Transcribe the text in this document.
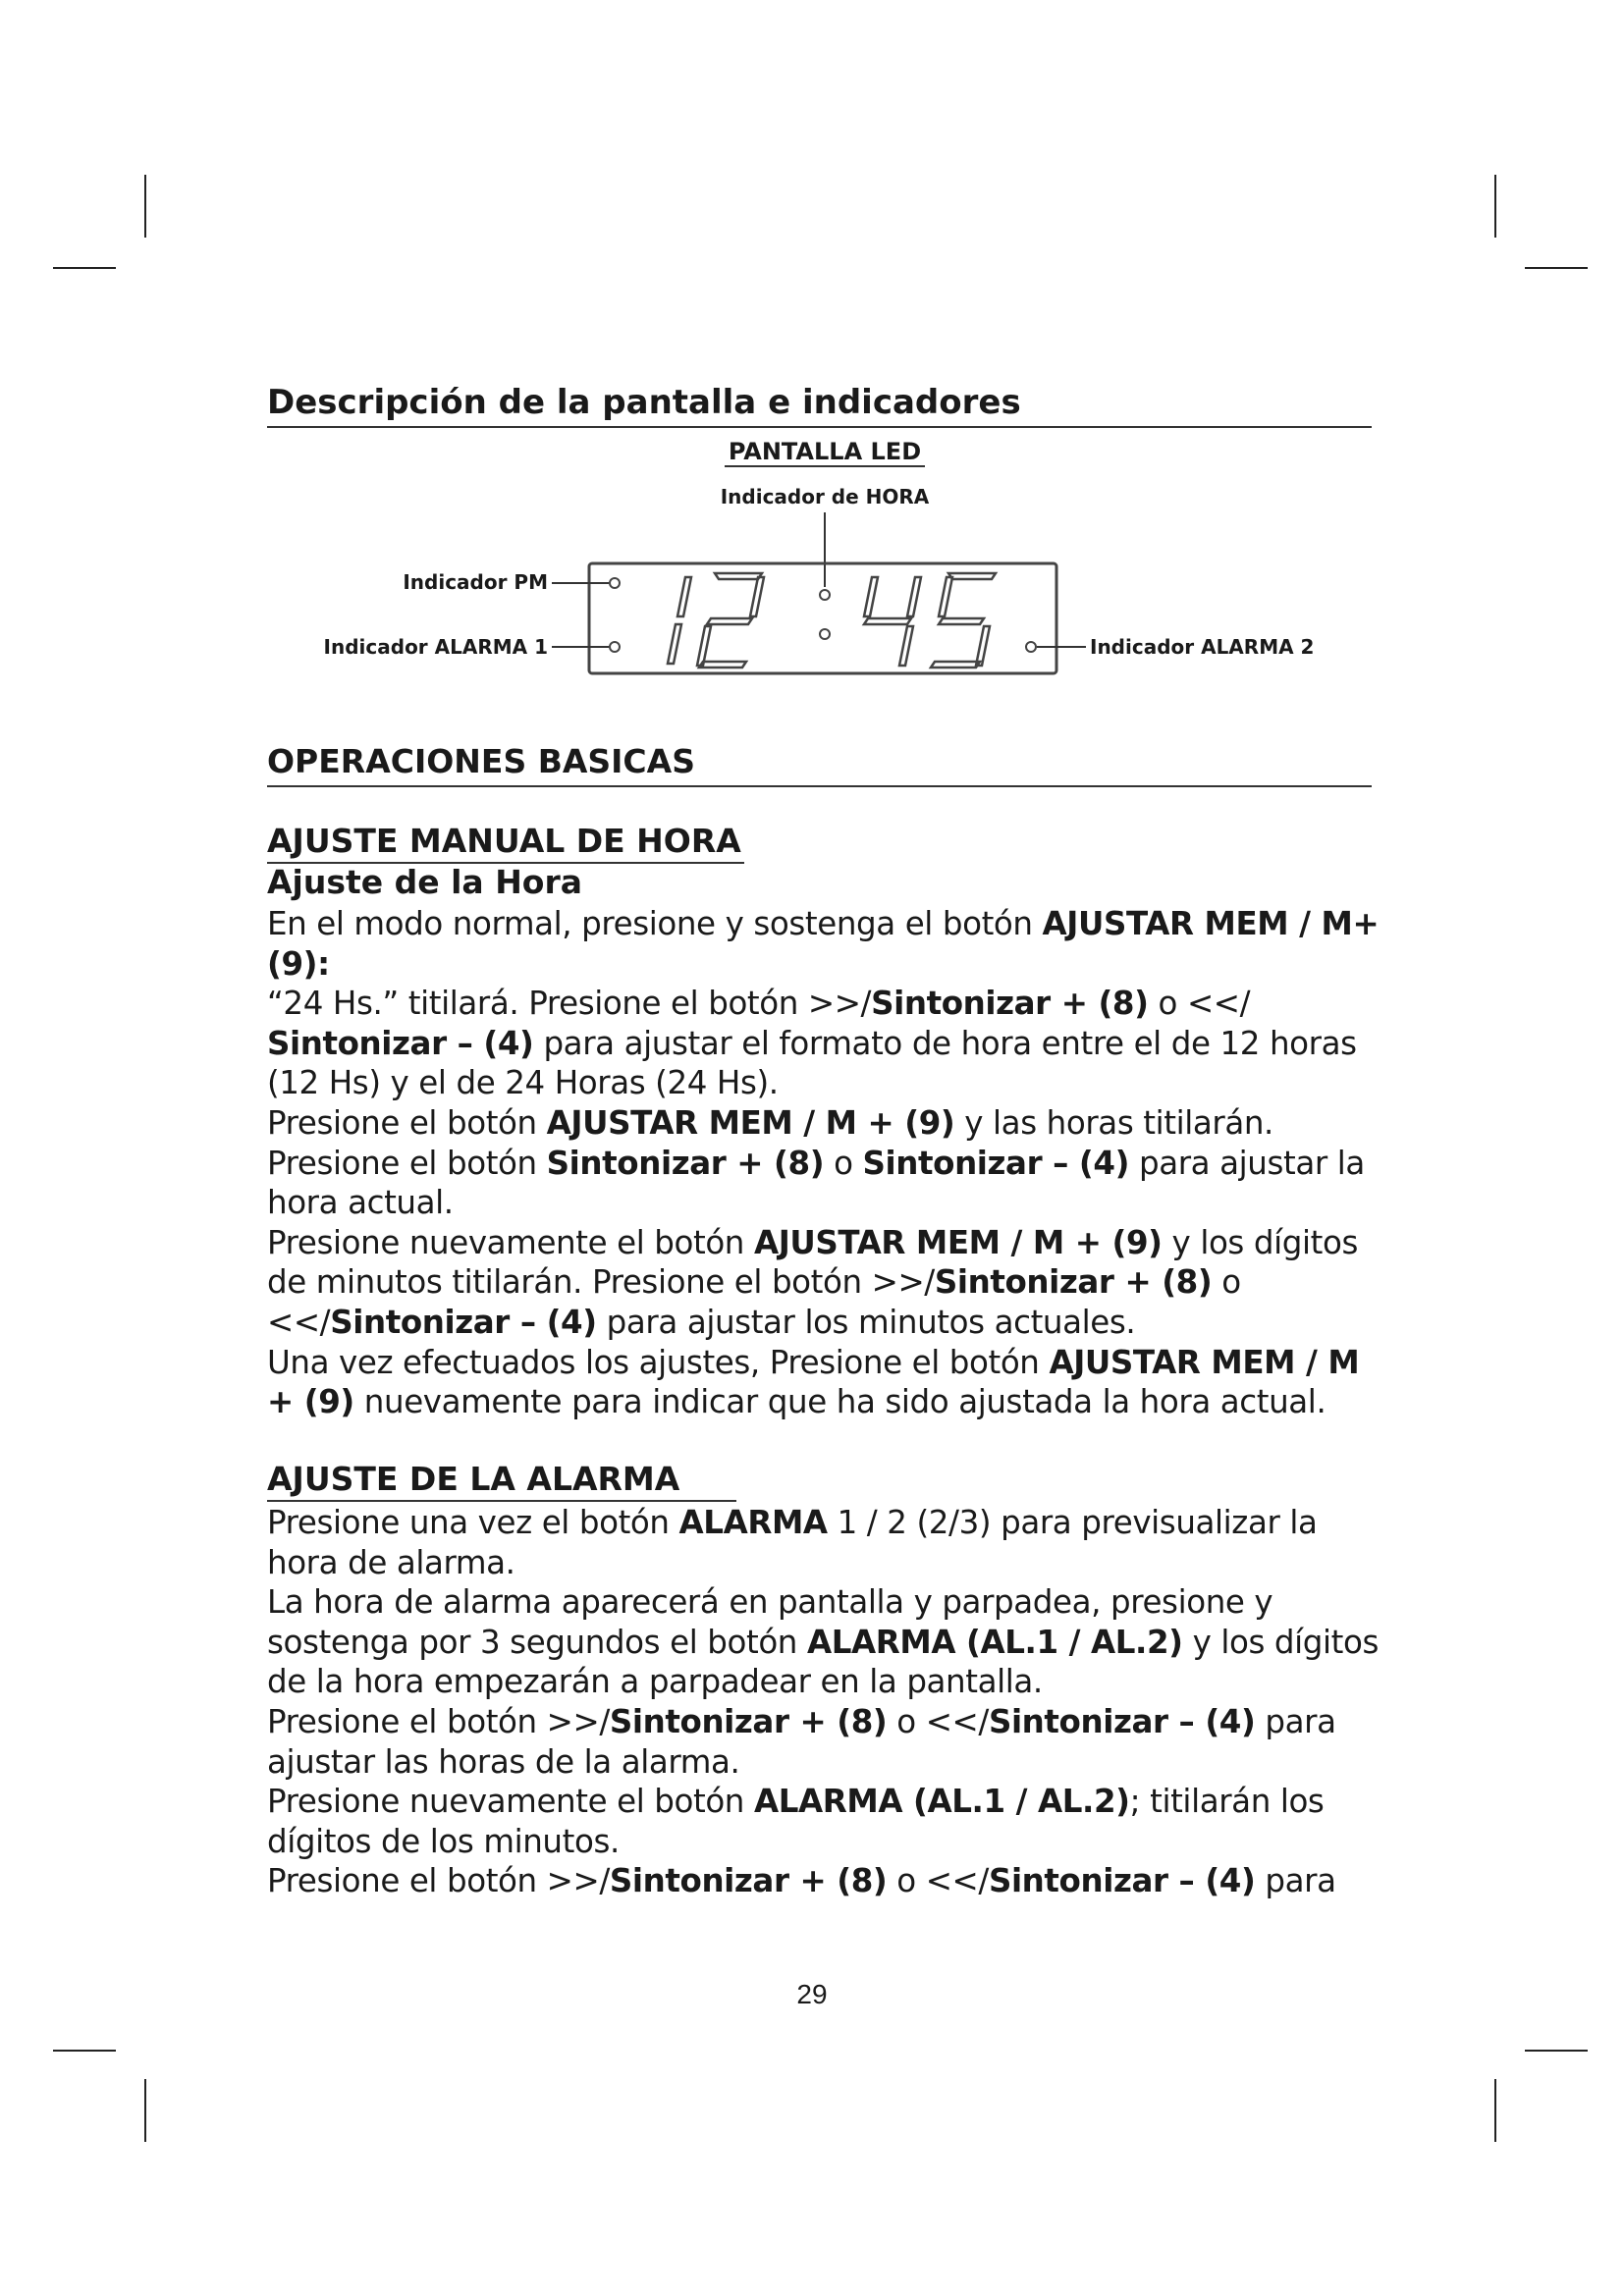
Descripción de la pantalla e indicadores
PANTALLA LED
Indicador de HORA
Indicador PM
Indicador ALARMA 1	Indicador ALARMA 2
OPERACIONES BASICAS
AJUSTE MANUAL DE HORA
Ajuste de la Hora

En el modo normal, presione y sostenga el botón AJUSTAR MEM / M+ (9):
“24 Hs.” titilará. Presione el botón >>/Sintonizar + (8) o <</
Sintonizar – (4) para ajustar el formato de hora entre el de 12 horas (12 Hs) y el de 24 Horas (24 Hs).
Presione el botón AJUSTAR MEM / M + (9) y las horas titilarán.
Presione el botón Sintonizar + (8) o Sintonizar – (4) para ajustar la hora actual.
Presione nuevamente el botón AJUSTAR MEM / M + (9) y los dígitos de minutos titilarán. Presione el botón >>/Sintonizar + (8) o <</Sintonizar – (4) para ajustar los minutos actuales.
Una vez efectuados los ajustes, Presione el botón AJUSTAR MEM / M + (9) nuevamente para indicar que ha sido ajustada la hora actual.

AJUSTE DE LA ALARMA

Presione una vez el botón ALARMA 1 / 2 (2/3) para previsualizar la hora de alarma.
La hora de alarma aparecerá en pantalla y parpadea, presione y sostenga por 3 segundos el botón ALARMA (AL.1 / AL.2) y los dígitos de la hora empezarán a parpadear en la pantalla.
Presione el botón >>/Sintonizar + (8) o <</Sintonizar – (4) para ajustar las horas de la alarma.
Presione nuevamente el botón ALARMA (AL.1 / AL.2); titilarán los dígitos de los minutos.
Presione el botón >>/Sintonizar + (8) o <</Sintonizar – (4) para

29
